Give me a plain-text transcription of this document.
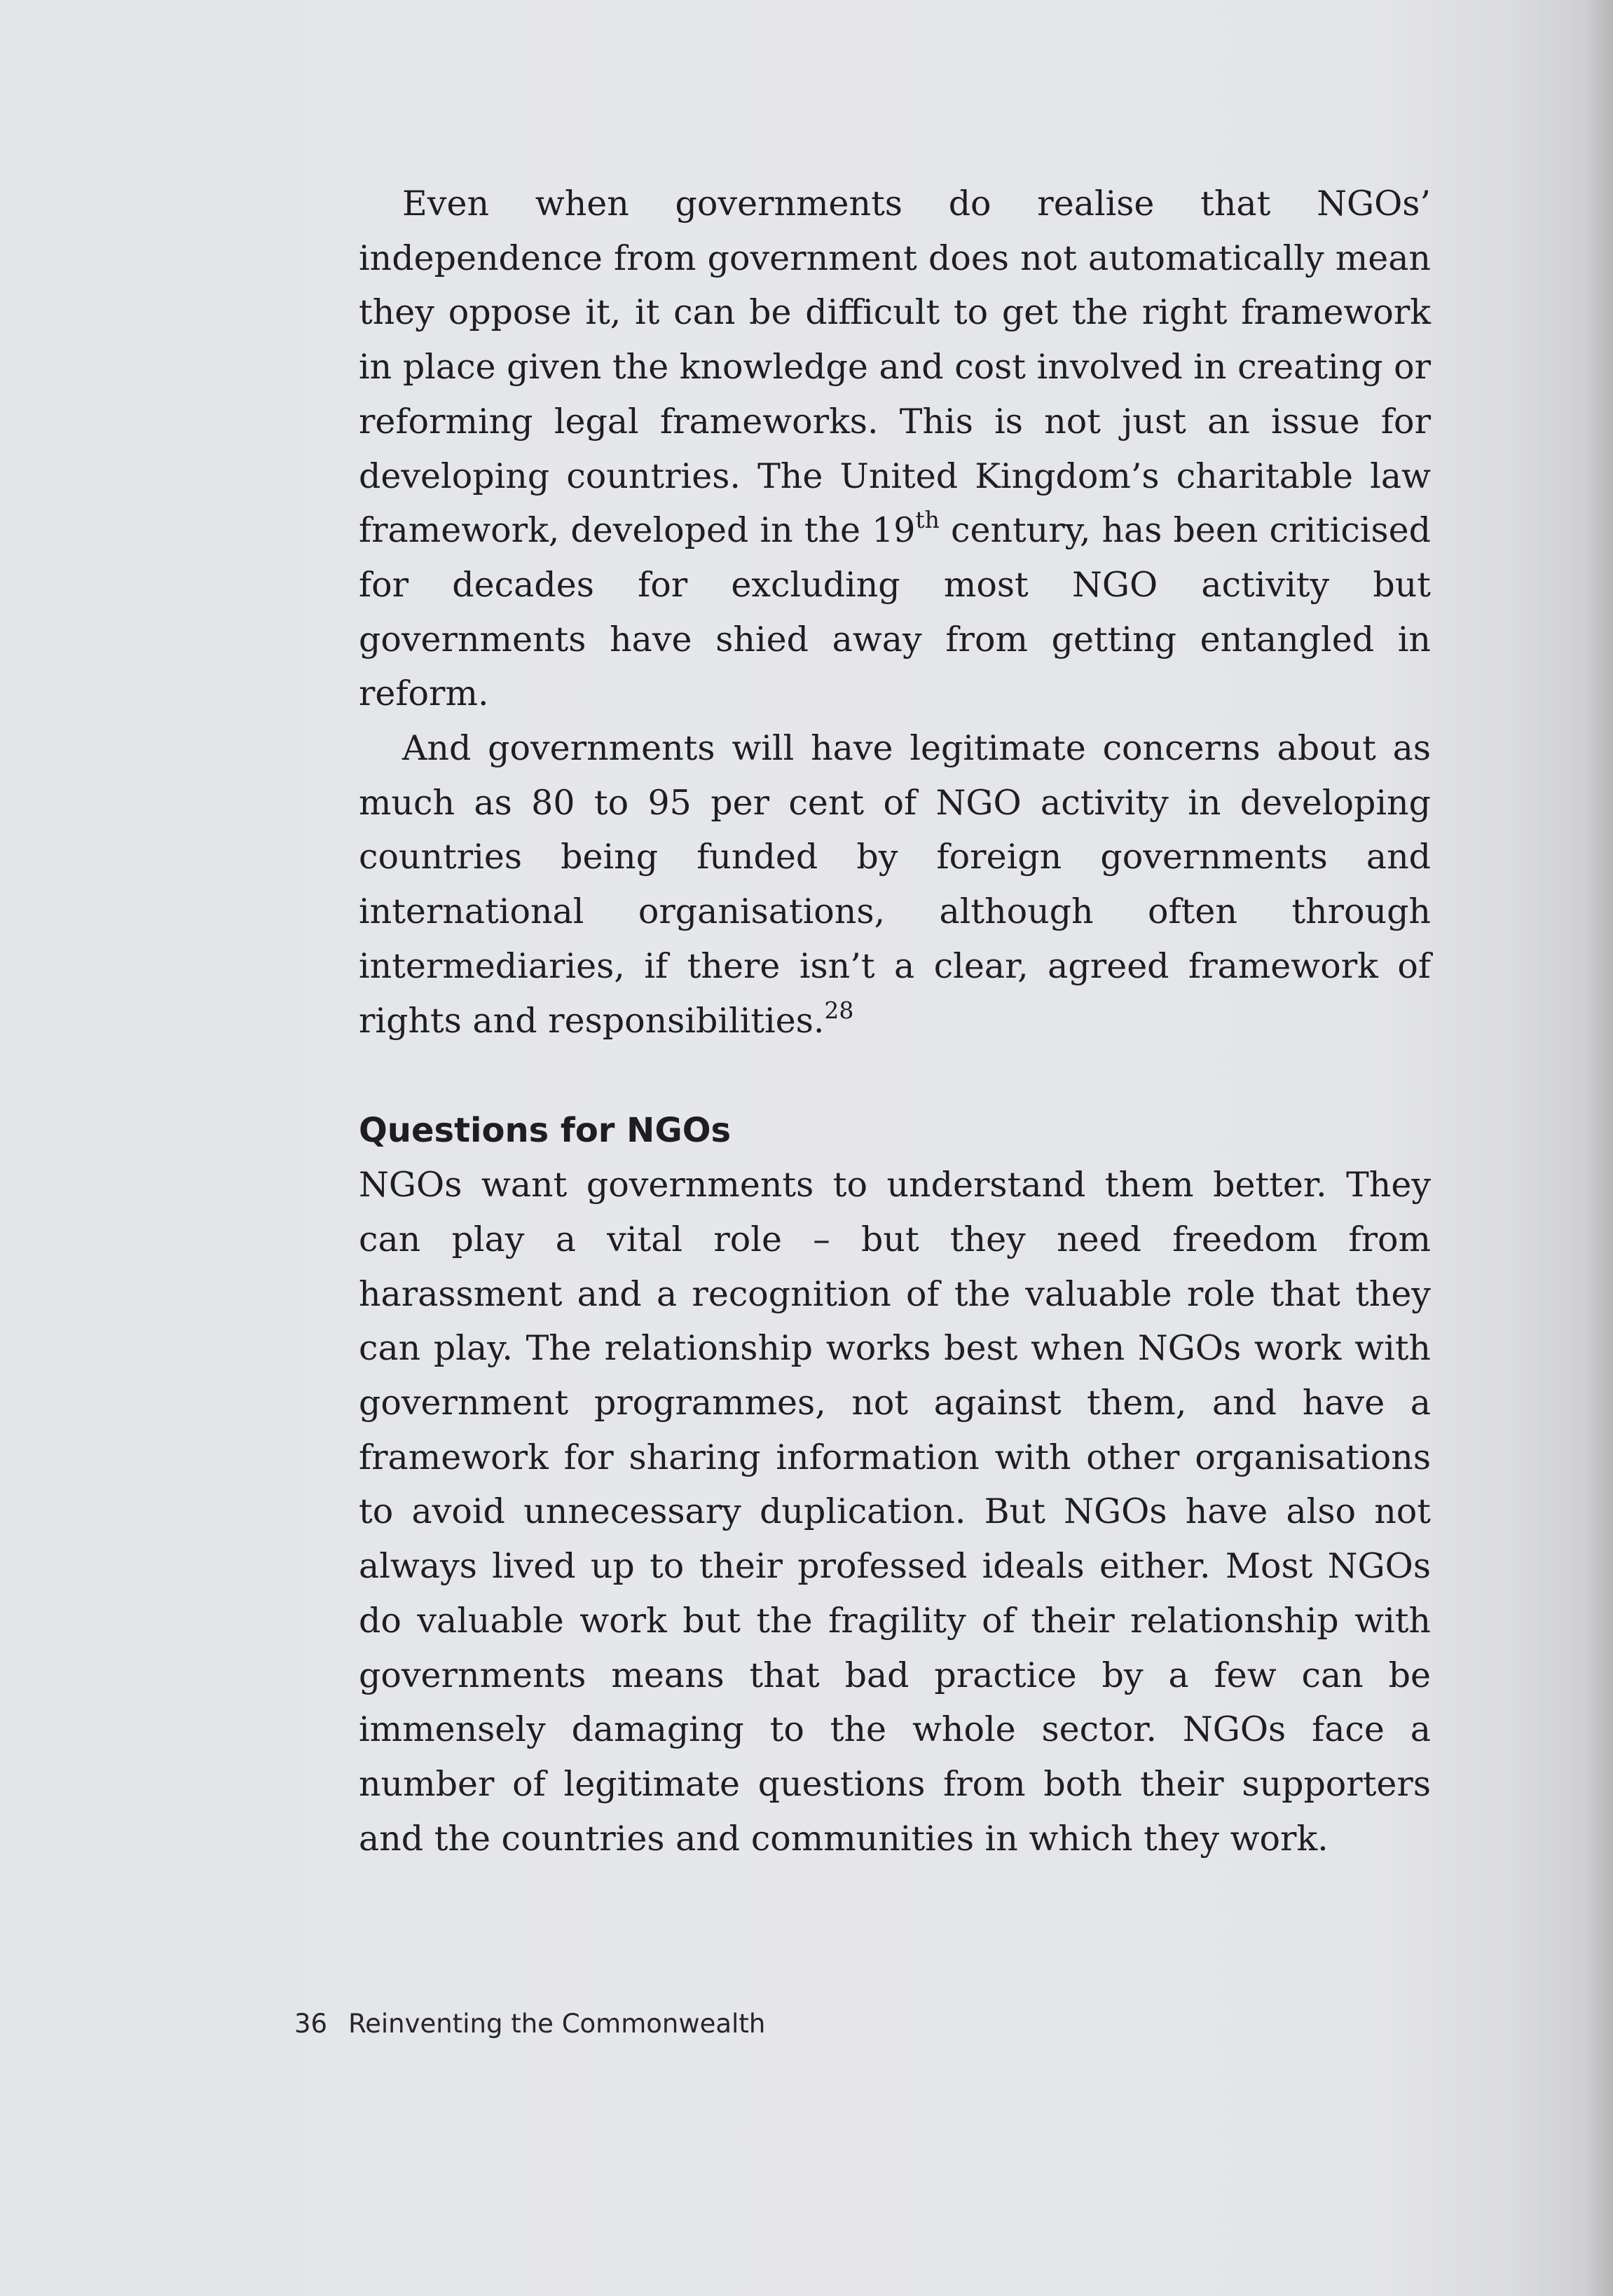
Even when governments do realise that NGOs’ independence from government does not automatically mean they oppose it, it can be difficult to get the right framework in place given the knowledge and cost involved in creating or reforming legal frameworks. This is not just an issue for developing countries. The United Kingdom’s charitable law framework, developed in the 19th century, has been criticised for decades for excluding most NGO activity but governments have shied away from getting entangled in reform.

And governments will have legitimate concerns about as much as 80 to 95 per cent of NGO activity in developing countries being funded by foreign governments and international organisations, although often through intermediaries, if there isn’t a clear, agreed framework of rights and responsibilities.$^{28}$

Questions for NGOs

NGOs want governments to understand them better. They can play a vital role – but they need freedom from harassment and a recognition of the valuable role that they can play. The relationship works best when NGOs work with government programmes, not against them, and have a framework for sharing information with other organisations to avoid unnecessary duplication. But NGOs have also not always lived up to their professed ideals either. Most NGOs do valuable work but the fragility of their relationship with governments means that bad practice by a few can be immensely damaging to the whole sector. NGOs face a number of legitimate questions from both their supporters and the countries and communities in which they work.

36 Reinventing the Commonwealth
